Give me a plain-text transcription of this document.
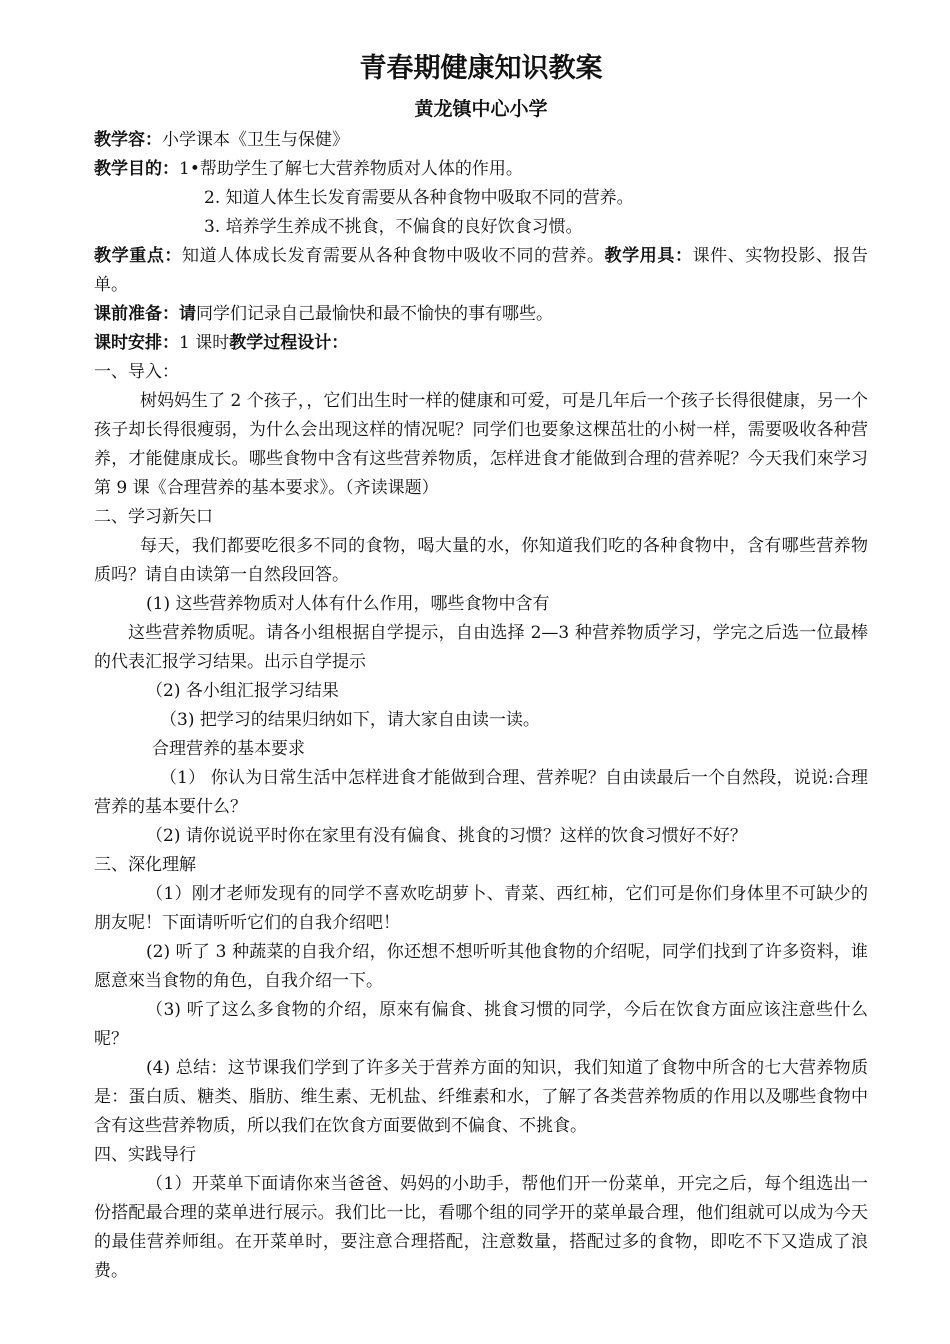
青春期健康知识教案
黄龙镇中心小学

教学容：小学课本《卫生与保健》

教学目的：1•帮助学生了解七大营养物质对人体的作用。

2. 知道人体生长发育需要从各种食物中吸取不同的营养。

3. 培养学生养成不挑食，不偏食的良好饮食习惯。

教学重点：知道人体成长发育需要从各种食物中吸收不同的营养。教学用具：课件、实物投影、报告单。

课前准备：请同学们记录自己最愉快和最不愉快的事有哪些。

课时安排：1 课时教学过程设计：

一、导入：

树妈妈生了 2 个孩子，，它们出生时一样的健康和可爱，可是几年后一个孩子长得很健康，另一个孩子却长得很瘦弱，为什么会出现这样的情况呢？同学们也要象这棵茁壮的小树一样，需要吸收各种营养，才能健康成长。哪些食物中含有这些营养物质，怎样进食才能做到合理的营养呢？今天我们來学习第 9 课《合理营养的基本要求》。（齐读课题）

二、学习新矢口

每天，我们都要吃很多不同的食物，喝大量的水，你知道我们吃的各种食物中，含有哪些营养物质吗？请自由读第一自然段回答。

(1) 这些营养物质对人体有什么作用，哪些食物中含有

这些营养物质呢。请各小组根据自学提示，自由选择 2—3 种营养物质学习，学完之后选一位最棒的代表汇报学习结果。出示自学提示

（2) 各小组汇报学习结果

（3) 把学习的结果归纳如下，请大家自由读一读。

合理营养的基本要求

（1） 你认为日常生活中怎样进食才能做到合理、营养呢？自由读最后一个自然段，说说:合理营养的基本要什么？

（2) 请你说说平时你在家里有没有偏食、挑食的习惯？这样的饮食习惯好不好？

三、深化理解

（1）刚才老师发现有的同学不喜欢吃胡萝卜、青菜、西红柿，它们可是你们身体里不可缺少的朋友呢！下面请听听它们的自我介绍吧！

(2) 听了 3 种蔬菜的自我介绍，你还想不想听听其他食物的介绍呢，同学们找到了许多资料，谁愿意來当食物的角色，自我介绍一下。

（3) 听了这么多食物的介绍，原來有偏食、挑食习惯的同学，今后在饮食方面应该注意些什么呢？

(4) 总结：这节课我们学到了许多关于营养方面的知识，我们知道了食物中所含的七大营养物质是：蛋白质、糖类、脂肪、维生素、无机盐、纤维素和水，了解了各类营养物质的作用以及哪些食物中含有这些营养物质，所以我们在饮食方面要做到不偏食、不挑食。

四、实践导行

（1）开菜单下面请你來当爸爸、妈妈的小助手，帮他们开一份菜单，开完之后，每个组选出一份搭配最合理的菜单进行展示。我们比一比，看哪个组的同学开的菜单最合理，他们组就可以成为今天的最佳营养师组。在开菜单时，要注意合理搭配，注意数量，搭配过多的食物，即吃不下又造成了浪费。
